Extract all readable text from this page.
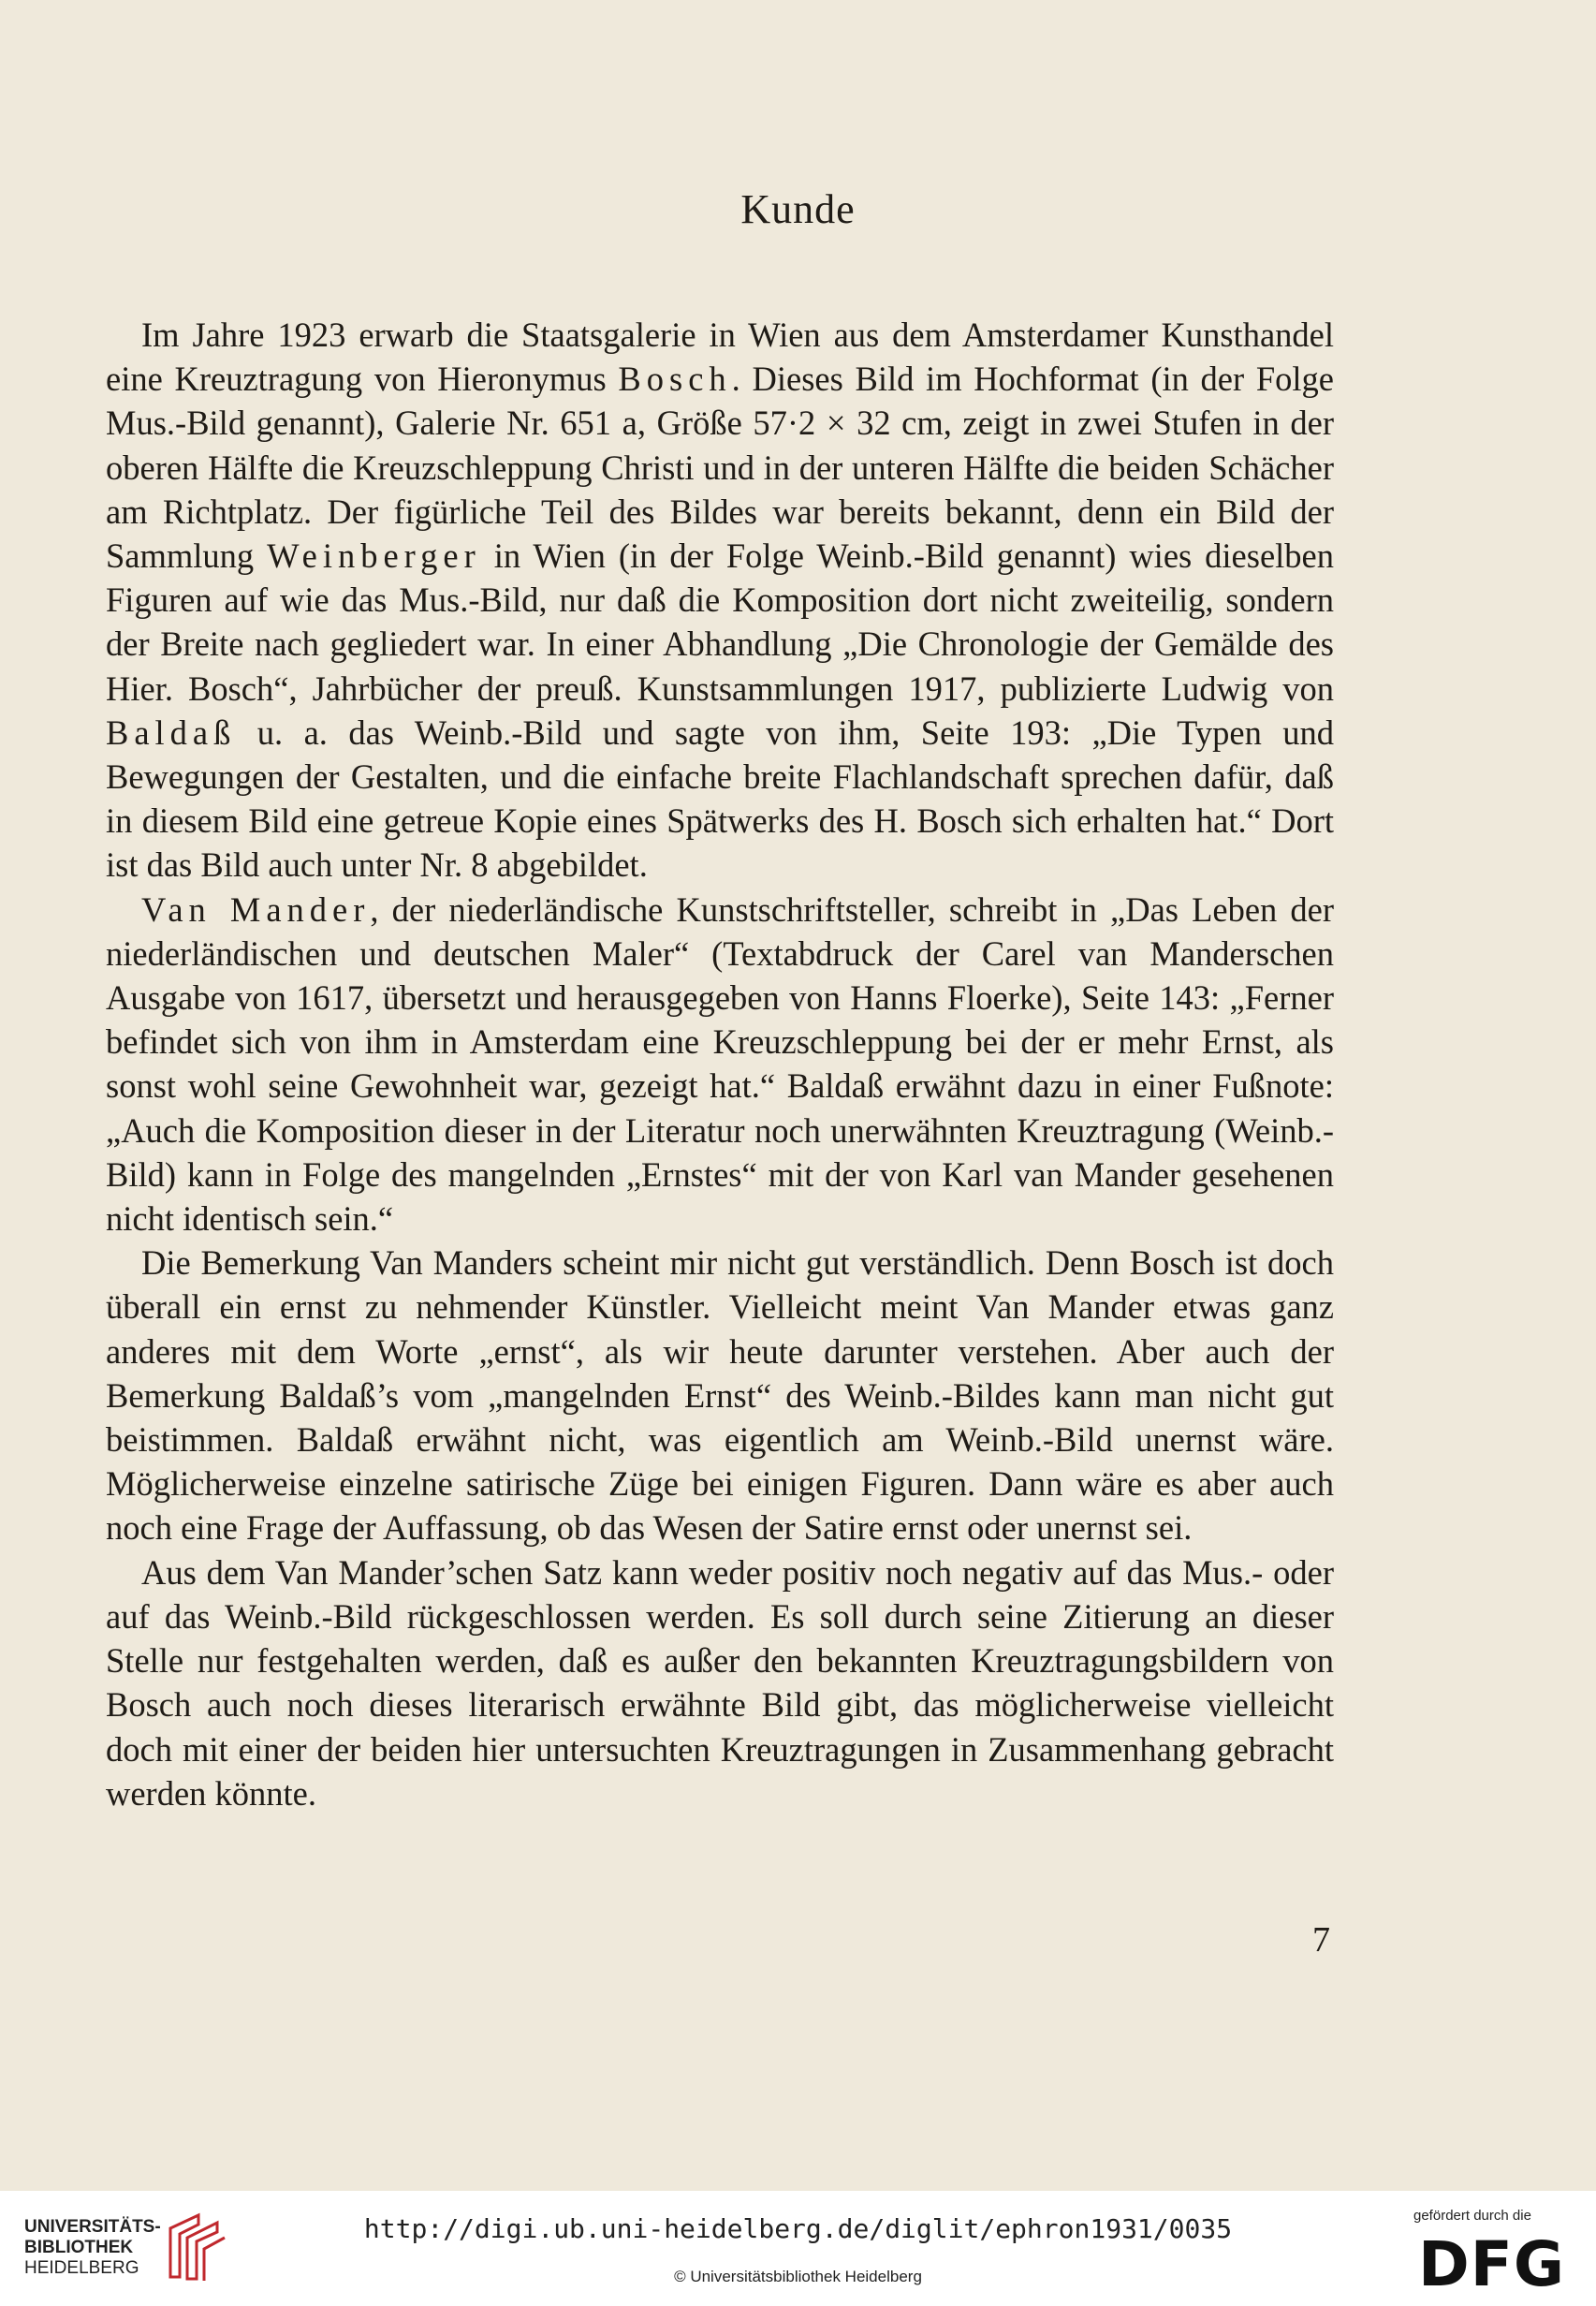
Kunde

Im Jahre 1923 erwarb die Staatsgalerie in Wien aus dem Amsterdamer Kunsthandel eine Kreuztragung von Hieronymus Bosch. Dieses Bild im Hochformat (in der Folge Mus.-Bild genannt), Galerie Nr. 651 a, Größe 57·2 × 32 cm, zeigt in zwei Stufen in der oberen Hälfte die Kreuzschleppung Christi und in der unteren Hälfte die beiden Schächer am Richtplatz. Der figürliche Teil des Bildes war bereits bekannt, denn ein Bild der Sammlung Weinberger in Wien (in der Folge Weinb.-Bild genannt) wies dieselben Figuren auf wie das Mus.-Bild, nur daß die Komposition dort nicht zweiteilig, sondern der Breite nach gegliedert war. In einer Abhandlung „Die Chronologie der Gemälde des Hier. Bosch“, Jahrbücher der preuß. Kunstsammlungen 1917, publizierte Ludwig von Baldaß u. a. das Weinb.-Bild und sagte von ihm, Seite 193: „Die Typen und Bewegungen der Gestalten, und die einfache breite Flachlandschaft sprechen dafür, daß in diesem Bild eine getreue Kopie eines Spätwerks des H. Bosch sich erhalten hat.“ Dort ist das Bild auch unter Nr. 8 abgebildet.

Van Mander, der niederländische Kunstschriftsteller, schreibt in „Das Leben der niederländischen und deutschen Maler“ (Textabdruck der Carel van Manderschen Ausgabe von 1617, übersetzt und herausgegeben von Hanns Floerke), Seite 143: „Ferner befindet sich von ihm in Amsterdam eine Kreuzschleppung bei der er mehr Ernst, als sonst wohl seine Gewohnheit war, gezeigt hat.“ Baldaß erwähnt dazu in einer Fußnote: „Auch die Komposition dieser in der Literatur noch unerwähnten Kreuztragung (Weinb.-Bild) kann in Folge des mangelnden „Ernstes“ mit der von Karl van Mander gesehenen nicht identisch sein.“

Die Bemerkung Van Manders scheint mir nicht gut verständlich. Denn Bosch ist doch überall ein ernst zu nehmender Künstler. Vielleicht meint Van Mander etwas ganz anderes mit dem Worte „ernst“, als wir heute darunter verstehen. Aber auch der Bemerkung Baldaß’s vom „mangelnden Ernst“ des Weinb.-Bildes kann man nicht gut beistimmen. Baldaß erwähnt nicht, was eigentlich am Weinb.-Bild unernst wäre. Möglicherweise einzelne satirische Züge bei einigen Figuren. Dann wäre es aber auch noch eine Frage der Auffassung, ob das Wesen der Satire ernst oder unernst sei.

Aus dem Van Mander’schen Satz kann weder positiv noch negativ auf das Mus.- oder auf das Weinb.-Bild rückgeschlossen werden. Es soll durch seine Zitierung an dieser Stelle nur festgehalten werden, daß es außer den bekannten Kreuztragungsbildern von Bosch auch noch dieses literarisch erwähnte Bild gibt, das möglicherweise vielleicht doch mit einer der beiden hier untersuchten Kreuztragungen in Zusammenhang gebracht werden könnte.

7
UNIVERSITÄTS-
BIBLIOTHEK
HEIDELBERG
http://digi.ub.uni-heidelberg.de/diglit/ephron1931/0035
© Universitätsbibliothek Heidelberg
gefördert durch die
DFG
